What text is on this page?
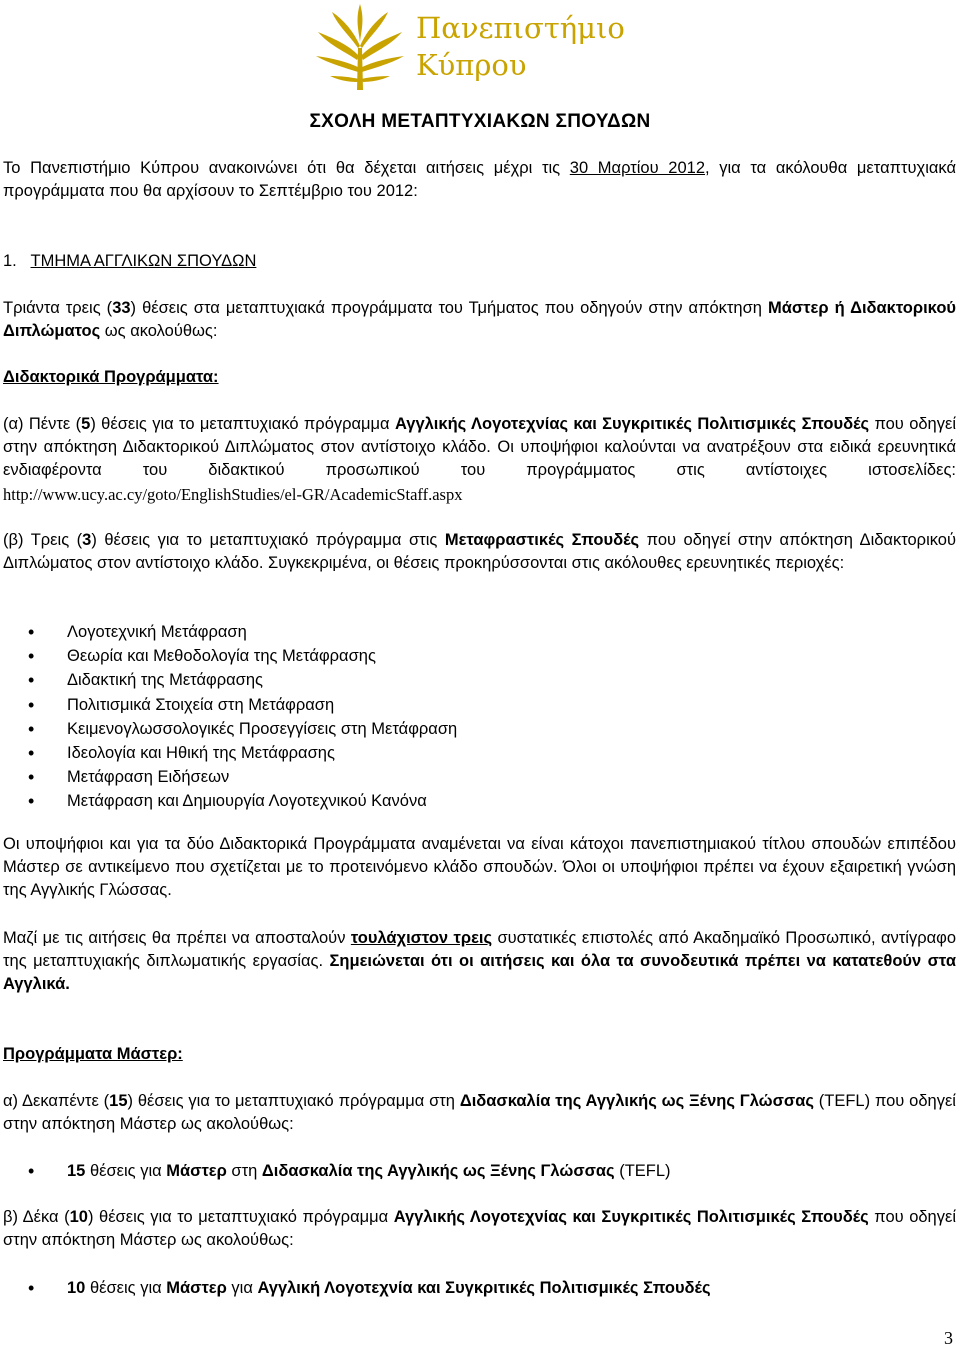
Πανεπιστήμιο
Κύπρου
ΣΧΟΛΗ ΜΕΤΑΠΤΥΧΙΑΚΩΝ ΣΠΟΥΔΩΝ
Το Πανεπιστήμιο Κύπρου ανακοινώνει ότι θα δέχεται αιτήσεις μέχρι τις 30 Μαρτίου 2012, για τα ακόλουθα μεταπτυχιακά προγράμματα που θα αρχίσουν το Σεπτέμβριο του 2012:
1. ΤΜΗΜΑ ΑΓΓΛΙΚΩΝ ΣΠΟΥΔΩΝ
Τριάντα τρεις (33) θέσεις στα μεταπτυχιακά προγράμματα του Τμήματος που οδηγούν στην απόκτηση Μάστερ ή Διδακτορικού Διπλώματος ως ακολούθως:
Διδακτορικά Προγράμματα:
(α) Πέντε (5) θέσεις για το μεταπτυχιακό πρόγραμμα Αγγλικής Λογοτεχνίας και Συγκριτικές Πολιτισμικές Σπουδές που οδηγεί στην απόκτηση Διδακτορικού Διπλώματος στον αντίστοιχο κλάδο. Οι υποψήφιοι καλούνται να ανατρέξουν στα ειδικά ερευνητικά ενδιαφέροντα του διδακτικού προσωπικού του προγράμματος στις αντίστοιχες ιστοσελίδες: http://www.ucy.ac.cy/goto/EnglishStudies/el-GR/AcademicStaff.aspx
(β) Τρεις (3) θέσεις για το μεταπτυχιακό πρόγραμμα στις Μεταφραστικές Σπουδές που οδηγεί στην απόκτηση Διδακτορικού Διπλώματος στον αντίστοιχο κλάδο. Συγκεκριμένα, οι θέσεις προκηρύσσονται στις ακόλουθες ερευνητικές περιοχές:
• Λογοτεχνική Μετάφραση
• Θεωρία και Μεθοδολογία της Μετάφρασης
• Διδακτική της Μετάφρασης
• Πολιτισμικά Στοιχεία στη Μετάφραση
• Κειμενογλωσσολογικές Προσεγγίσεις στη Μετάφραση
• Ιδεολογία και Ηθική της Μετάφρασης
• Μετάφραση Ειδήσεων
• Μετάφραση και Δημιουργία Λογοτεχνικού Κανόνα
Οι υποψήφιοι και για τα δύο Διδακτορικά Προγράμματα αναμένεται να είναι κάτοχοι πανεπιστημιακού τίτλου σπουδών επιπέδου Μάστερ σε αντικείμενο που σχετίζεται με το προτεινόμενο κλάδο σπουδών. Όλοι οι υποψήφιοι πρέπει να έχουν εξαιρετική γνώση της Αγγλικής Γλώσσας.
Μαζί με τις αιτήσεις θα πρέπει να αποσταλούν τουλάχιστον τρεις συστατικές επιστολές από Ακαδημαϊκό Προσωπικό, αντίγραφο της μεταπτυχιακής διπλωματικής εργασίας. Σημειώνεται ότι οι αιτήσεις και όλα τα συνοδευτικά πρέπει να κατατεθούν στα Αγγλικά.
Προγράμματα Μάστερ:
α) Δεκαπέντε (15) θέσεις για το μεταπτυχιακό πρόγραμμα στη Διδασκαλία της Αγγλικής ως Ξένης Γλώσσας (TEFL) που οδηγεί στην απόκτηση Μάστερ ως ακολούθως:
• 15 θέσεις για Μάστερ στη Διδασκαλία της Αγγλικής ως Ξένης Γλώσσας (TEFL)
β) Δέκα (10) θέσεις για το μεταπτυχιακό πρόγραμμα Αγγλικής Λογοτεχνίας και Συγκριτικές Πολιτισμικές Σπουδές που οδηγεί στην απόκτηση Μάστερ ως ακολούθως:
• 10 θέσεις για Μάστερ για Αγγλική Λογοτεχνία και Συγκριτικές Πολιτισμικές Σπουδές
3
